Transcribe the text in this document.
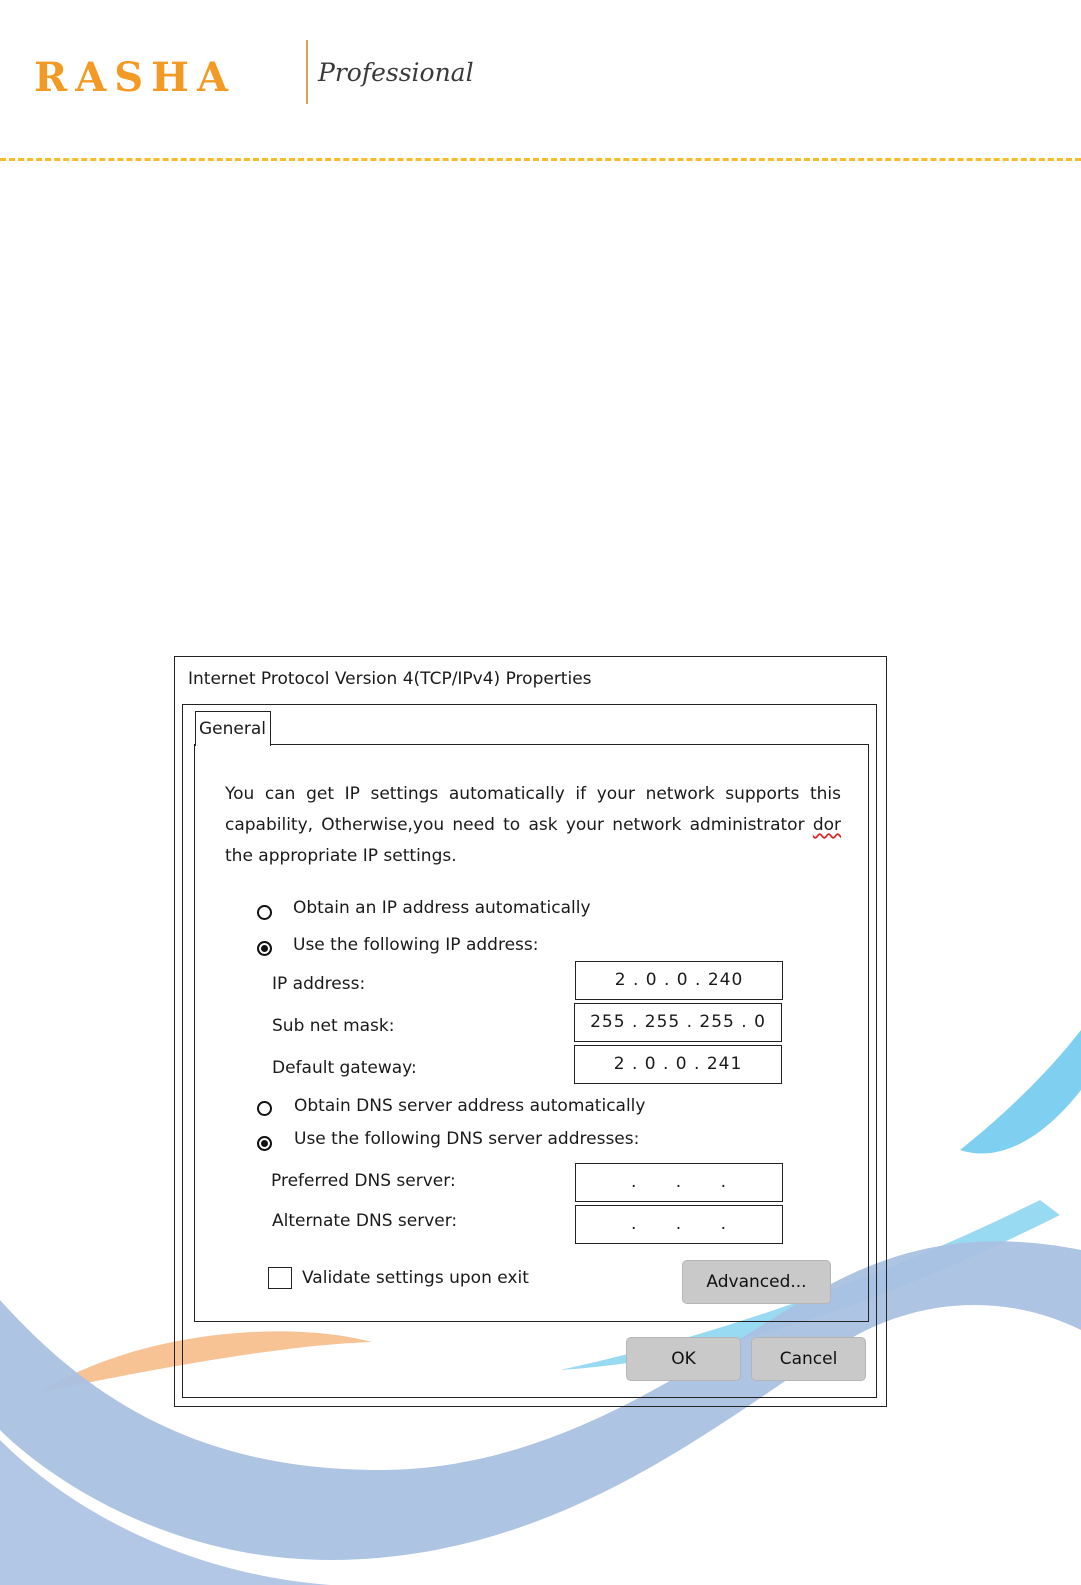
RASHA	Professional
Internet Protocol Version 4(TCP/IPv4) Properties
General
You can get IP settings automatically if your network supports this capability, Otherwise,you need to ask your network administrator dor the appropriate IP settings.
Obtain an IP address automatically
Use the following IP address:
IP address:	2 . 0 . 0 . 240
Sub net mask:	255 . 255 . 255 . 0
Default gateway:	2 . 0 . 0 . 241
Obtain DNS server address automatically
Use the following DNS server addresses:
Preferred DNS server:	.      .      .
Alternate DNS server:	.      .      .
Validate settings upon exit	Advanced...
OK	Cancel
